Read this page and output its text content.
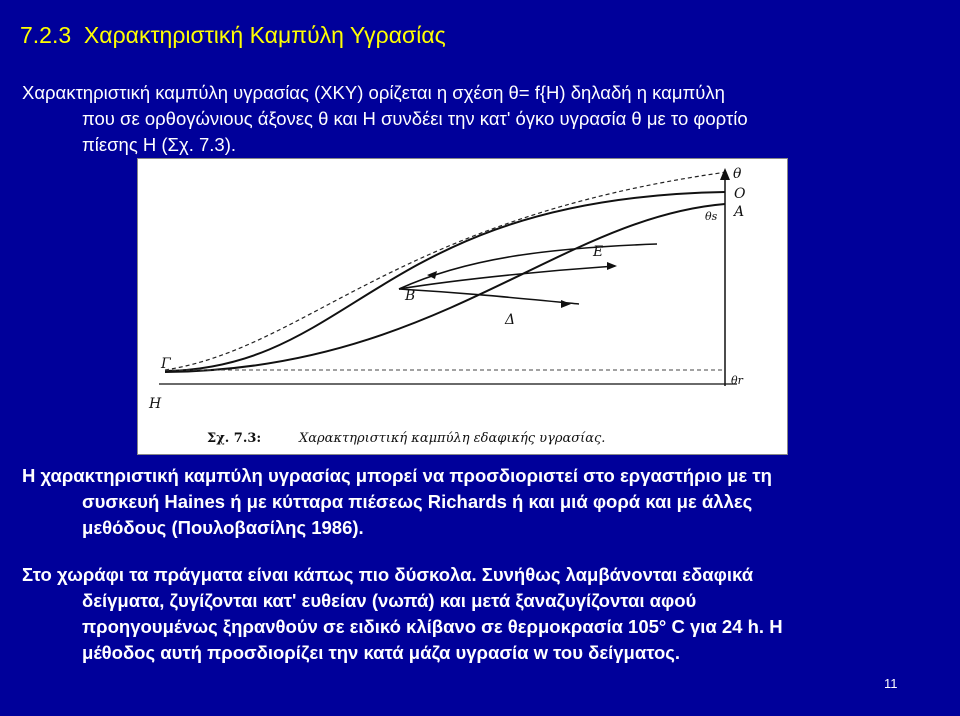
7.2.3  Χαρακτηριστική Καμπύλη Υγρασίας

Χαρακτηριστική καμπύλη υγρασίας (ΧΚΥ) ορίζεται η σχέση θ= f{H) δηλαδή η καμπύλη
που σε ορθογώνιους άξονες θ και Η συνδέει την κατ' όγκο υγρασία θ με το φορτίο
πίεσης Η (Σχ. 7.3).

θ
Ο
Α
θs
Ε
Β
Δ
Γ
Η
θr
Σχ. 7.3:	Χαρακτηριστική καμπύλη εδαφικής υγρασίας.

Η χαρακτηριστική καμπύλη υγρασίας μπορεί να προσδιοριστεί στο εργαστήριο με τη
συσκευή Haines ή με κύτταρα πιέσεως Richards ή και μιά φορά και με άλλες
μεθόδους (Πουλοβασίλης 1986).

Στο χωράφι τα πράγματα είναι κάπως πιο δύσκολα. Συνήθως λαμβάνονται εδαφικά
δείγματα, ζυγίζονται κατ' ευθείαν (νωπά) και μετά ξαναζυγίζονται αφού
προηγουμένως ξηρανθούν σε ειδικό κλίβανο σε θερμοκρασία 105° C για 24 h. Η
μέθοδος αυτή προσδιορίζει την κατά μάζα υγρασία w του δείγματος.

11
